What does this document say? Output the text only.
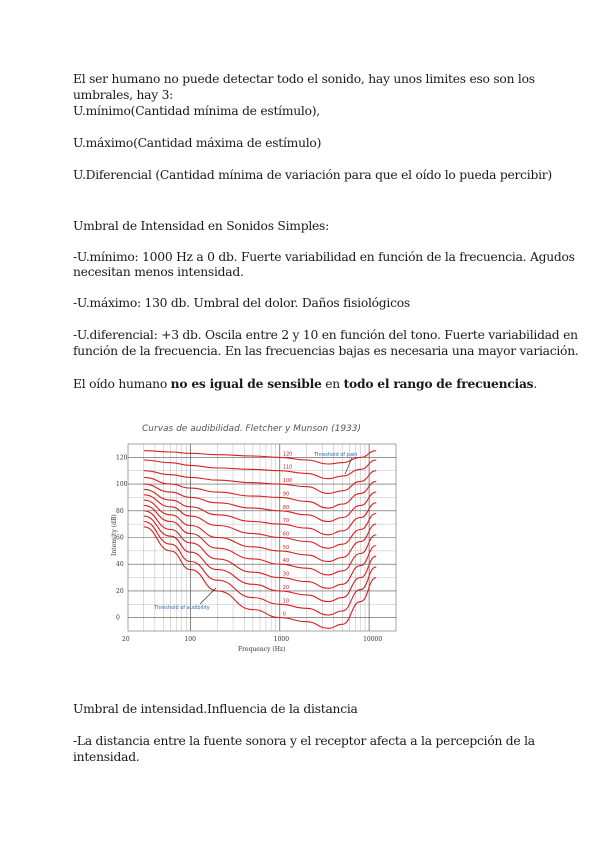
El ser humano no puede detectar todo el sonido, hay unos limites eso son los
umbrales, hay 3:
U.mínimo(Cantidad mínima de estímulo),
U.máximo(Cantidad máxima de estímulo)
U.Diferencial (Cantidad mínima de variación para que el oído lo pueda percibir)
Umbral de Intensidad en Sonidos Simples:
-U.mínimo: 1000 Hz a 0 db. Fuerte variabilidad en función de la frecuencia. Agudos
necesitan menos intensidad.
-U.máximo: 130 db. Umbral del dolor. Daños fisiológicos
-U.diferencial: +3 db. Oscila entre 2 y 10 en función del tono. Fuerte variabilidad en
función de la frecuencia. En las frecuencias bajas es necesaria una mayor variación.
El oído humano no es igual de sensible en todo el rango de frecuencias.
Curvas de audibilidad. Fletcher y Munson (1933)
0
20
40
60
80
100
120
20	100	1000	10000
120
110
100
90
80
70
60
50
40
30
20
10
0
Frequency (Hz)
Intensity (dB)
Threshold of pain
Threshold of audibility
Umbral de intensidad.Influencia de la distancia
-La distancia entre la fuente sonora y el receptor afecta a la percepción de la
intensidad.
